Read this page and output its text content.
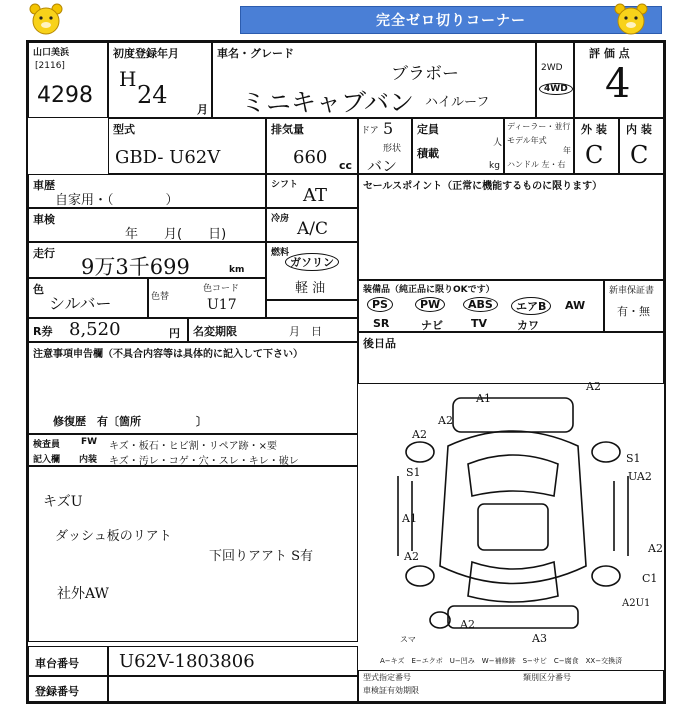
完全ゼロ切りコーナー
山口美浜
[2116]
4298
初度登録年月
H
24
月
車名・グレード
ブラボー
ミニキャブバン ハイルーフ
2WD
4WD
評 価 点
4
型式
GBD- U62V
排気量
660 cc
5
ドア
形状
バン
定員
人
積載
kg
ディーラー・並行
モデル年式
年
ハンドル 左・右
外 装
C
内 装
C
車歴
自家用・（　　　　）
シフト AT
車検
年　　月(　　日)
冷房 A/C
走行
9万3千699	km
燃料
ガソリン
軽 油
色
シルバー	色替
色コード
U17
R券 8,520	円 名変期限	月　日
セールスポイント（正常に機能するものに限ります）
装備品（純正品に限りOKです）
PS	PW	ABS	エアB	AW
SR	ナビ	TV	カワ
新車保証書
有・無
後日品
注意事項申告欄（不具合内容等は具体的に記入して下さい）
修復歴　有〔箇所　　　　　〕
検査員
記入欄
FW
内装
キズ・板石・ヒビ割・リペア跡・×要
キズ・汚レ・コゲ・穴・スレ・キレ・破レ
キズU
ダッシュ板のリアト
下回りアアト S有
社外AW
A1
A2
A2
A2
S1
S1	UA2
A1
A2
A2
C1
A2U1
A2
A3
スマ
A−キズ　E−エクボ　U−凹み　W−補修跡　S−サビ　C−腐食　XX−交換済
車台番号 U62V-1803806
登録番号
型式指定番号	類別区分番号
車検証有効期限
